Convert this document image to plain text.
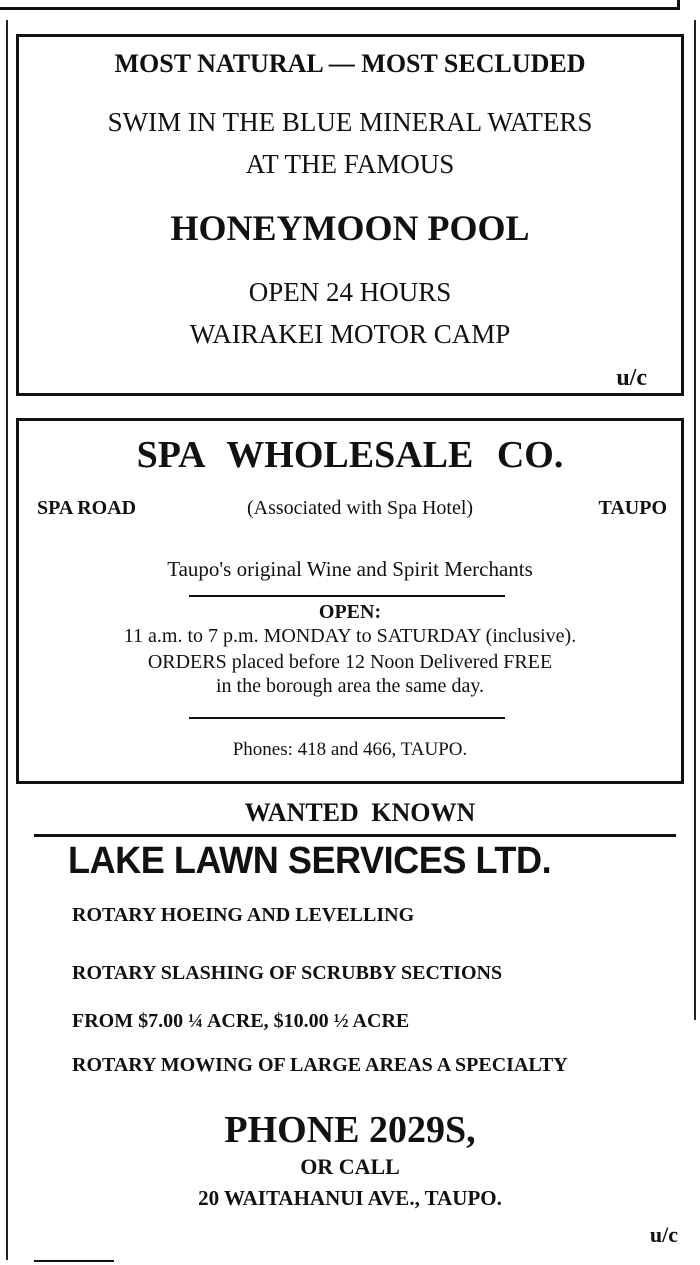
MOST NATURAL — MOST SECLUDED
SWIM IN THE BLUE MINERAL WATERS
AT THE FAMOUS
HONEYMOON POOL
OPEN 24 HOURS
WAIRAKEI MOTOR CAMP
u/c
SPA WHOLESALE CO.
SPA ROAD	(Associated with Spa Hotel)	TAUPO
Taupo's original Wine and Spirit Merchants
OPEN:
11 a.m. to 7 p.m. MONDAY to SATURDAY (inclusive).
ORDERS placed before 12 Noon Delivered FREE
in the borough area the same day.
Phones: 418 and 466, TAUPO.
WANTED KNOWN
LAKE LAWN SERVICES LTD.
ROTARY HOEING AND LEVELLING
ROTARY SLASHING OF SCRUBBY SECTIONS
FROM $7.00 ¼ ACRE, $10.00 ½ ACRE
ROTARY MOWING OF LARGE AREAS A SPECIALTY
PHONE 2029S,
OR CALL
20 WAITAHANUI AVE., TAUPO.
u/c
